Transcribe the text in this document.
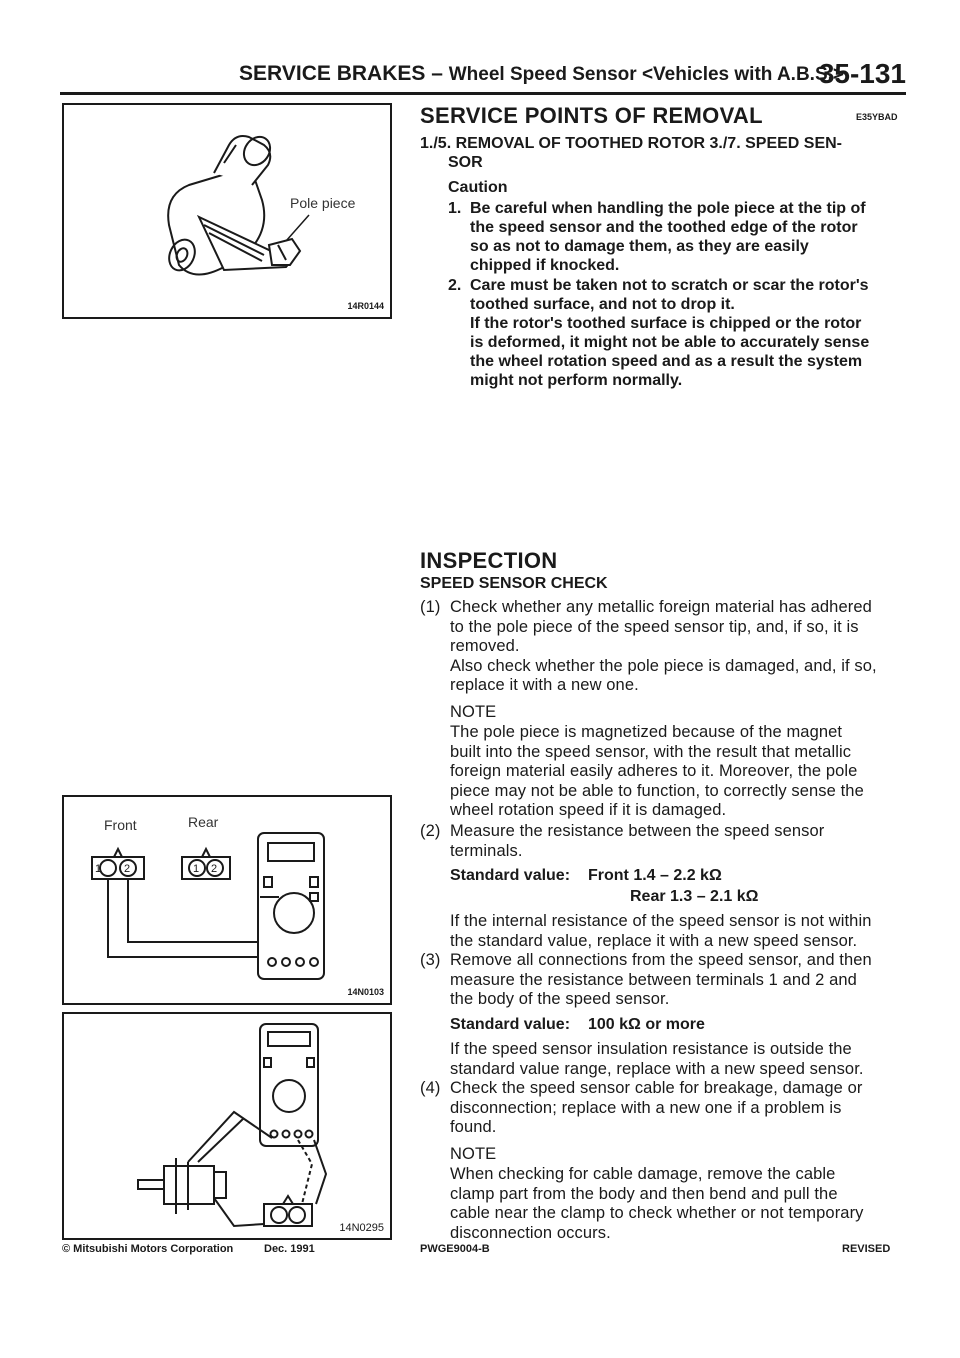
SERVICE BRAKES – Wheel Speed Sensor <Vehicles with A.B.S.>
35-131
Pole piece
14R0144
Front	Rear
1 2	1 2
14N0103
14N0295
SERVICE POINTS OF REMOVAL	E35YBAD
1./5. REMOVAL OF TOOTHED ROTOR 3./7. SPEED SEN-
SOR
Caution
1. Be careful when handling the pole piece at the tip of
the speed sensor and the toothed edge of the rotor
so as not to damage them, as they are easily
chipped if knocked.
2. Care must be taken not to scratch or scar the rotor's
toothed surface, and not to drop it.
If the rotor's toothed surface is chipped or the rotor
is deformed, it might not be able to accurately sense
the wheel rotation speed and as a result the system
might not perform normally.
INSPECTION
SPEED SENSOR CHECK
(1) Check whether any metallic foreign material has adhered
to the pole piece of the speed sensor tip, and, if so, it is
removed.
Also check whether the pole piece is damaged, and, if so,
replace it with a new one.
NOTE
The pole piece is magnetized because of the magnet
built into the speed sensor, with the result that metallic
foreign material easily adheres to it. Moreover, the pole
piece may not be able to function, to correctly sense the
wheel rotation speed if it is damaged.
(2) Measure the resistance between the speed sensor
terminals.
Standard value: Front 1.4 – 2.2 kΩ
Rear 1.3 – 2.1 kΩ
If the internal resistance of the speed sensor is not within
the standard value, replace it with a new speed sensor.
(3) Remove all connections from the speed sensor, and then
measure the resistance between terminals 1 and 2 and
the body of the speed sensor.
Standard value: 100 kΩ or more
If the speed sensor insulation resistance is outside the
standard value range, replace with a new speed sensor.
(4) Check the speed sensor cable for breakage, damage or
disconnection; replace with a new one if a problem is
found.
NOTE
When checking for cable damage, remove the cable
clamp part from the body and then bend and pull the
cable near the clamp to check whether or not temporary
disconnection occurs.
© Mitsubishi Motors Corporation	Dec. 1991	PWGE9004-B	REVISED
